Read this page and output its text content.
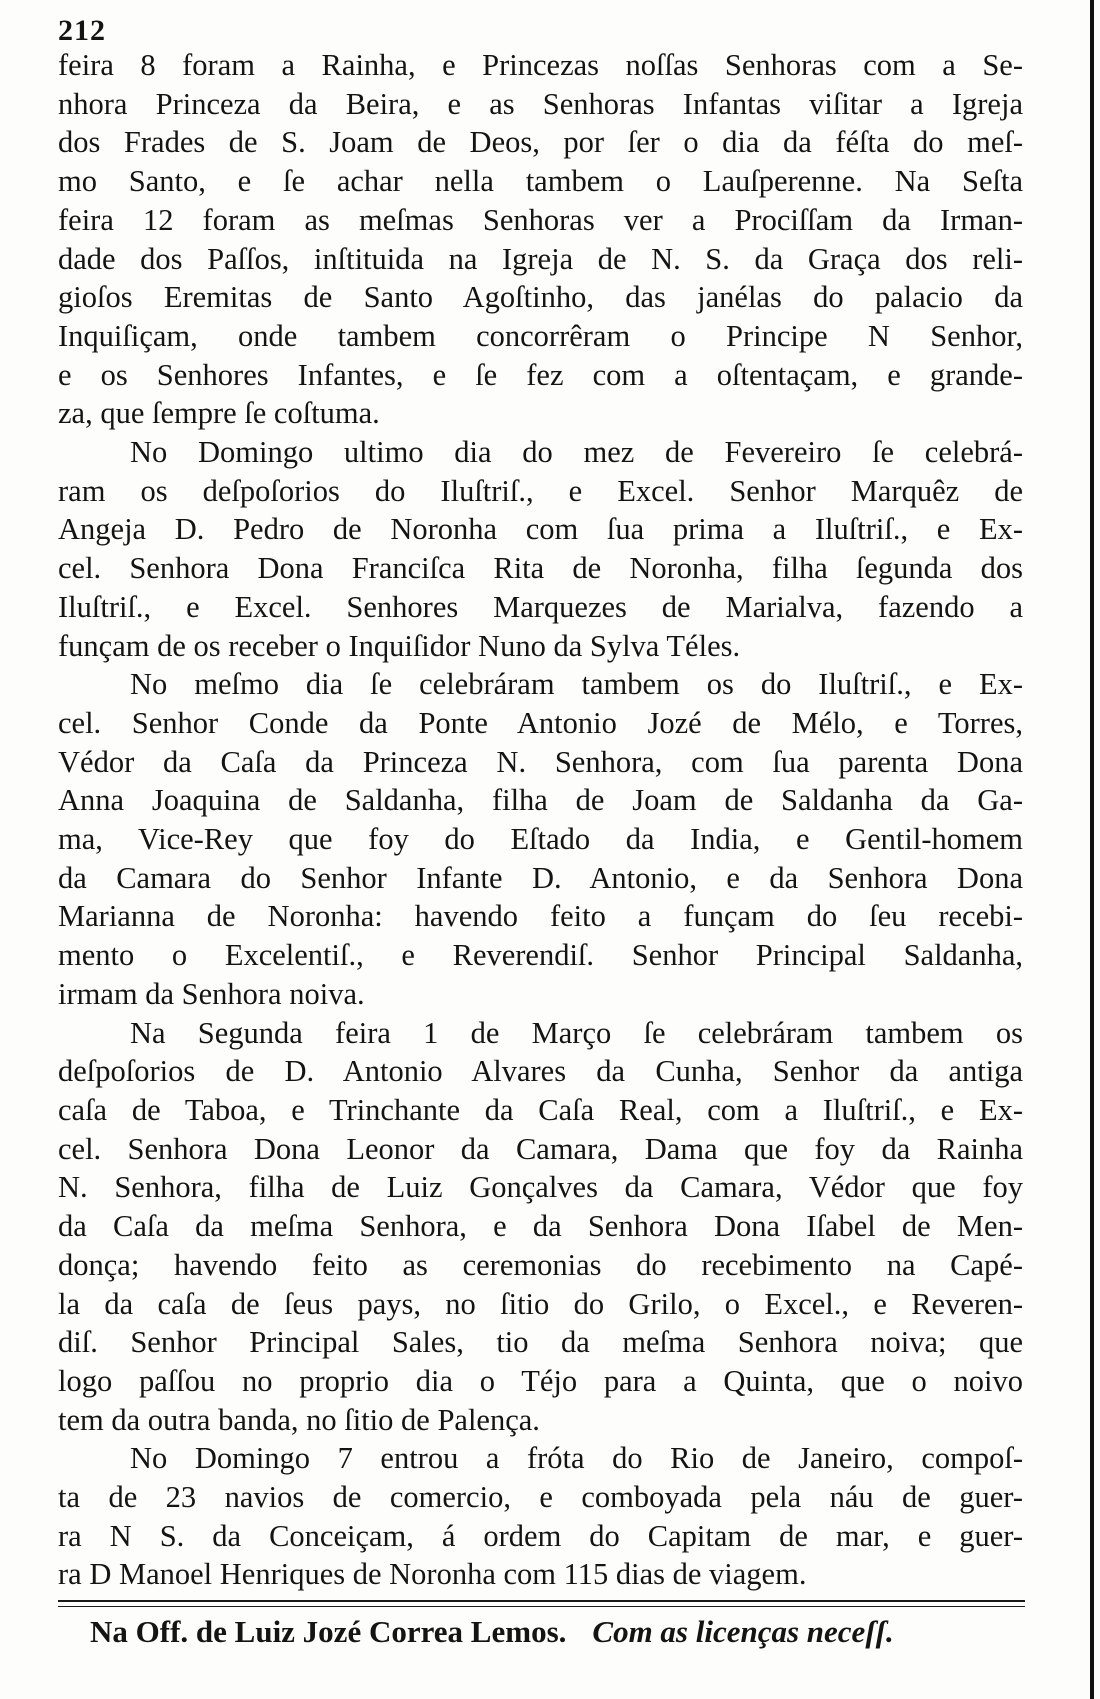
212
feira 8 foram a Rainha, e Princezas noſſas Senhoras com a Se-
nhora Princeza da Beira, e as Senhoras Infantas viſitar a Igreja
dos Frades de S. Joam de Deos, por ſer o dia da féſta do meſ-
mo Santo, e ſe achar nella tambem o Lauſperenne. Na Seſta
feira 12 foram as meſmas Senhoras ver a Prociſſam da Irman-
dade dos Paſſos, inſtituida na Igreja de N. S. da Graça dos reli-
gioſos Eremitas de Santo Agoſtinho, das janélas do palacio da
Inquiſiçam, onde tambem concorrêram o Principe N Senhor,
e os Senhores Infantes, e ſe fez com a oſtentaçam, e grande-
za, que ſempre ſe coſtuma.
No Domingo ultimo dia do mez de Fevereiro ſe celebrá-
ram os deſpoſorios do Iluſtriſ., e Excel. Senhor Marquêz de
Angeja D. Pedro de Noronha com ſua prima a Iluſtriſ., e Ex-
cel. Senhora Dona Franciſca Rita de Noronha, filha ſegunda dos
Iluſtriſ., e Excel. Senhores Marquezes de Marialva, fazendo a
funçam de os receber o Inquiſidor Nuno da Sylva Téles.
No meſmo dia ſe celebráram tambem os do Iluſtriſ., e Ex-
cel. Senhor Conde da Ponte Antonio Jozé de Mélo, e Torres,
Védor da Caſa da Princeza N. Senhora, com ſua parenta Dona
Anna Joaquina de Saldanha, filha de Joam de Saldanha da Ga-
ma, Vice-Rey que foy do Eſtado da India, e Gentil-homem
da Camara do Senhor Infante D. Antonio, e da Senhora Dona
Marianna de Noronha: havendo feito a funçam do ſeu recebi-
mento o Excelentiſ., e Reverendiſ. Senhor Principal Saldanha,
irmam da Senhora noiva.
Na Segunda feira 1 de Março ſe celebráram tambem os
deſpoſorios de D. Antonio Alvares da Cunha, Senhor da antiga
caſa de Taboa, e Trinchante da Caſa Real, com a Iluſtriſ., e Ex-
cel. Senhora Dona Leonor da Camara, Dama que foy da Rainha
N. Senhora, filha de Luiz Gonçalves da Camara, Védor que foy
da Caſa da meſma Senhora, e da Senhora Dona Iſabel de Men-
donça; havendo feito as ceremonias do recebimento na Capé-
la da caſa de ſeus pays, no ſitio do Grilo, o Excel., e Reveren-
diſ. Senhor Principal Sales, tio da meſma Senhora noiva; que
logo paſſou no proprio dia o Téjo para a Quinta, que o noivo
tem da outra banda, no ſitio de Palença.
No Domingo 7 entrou a fróta do Rio de Janeiro, compoſ-
ta de 23 navios de comercio, e comboyada pela náu de guer-
ra N S. da Conceiçam, á ordem do Capitam de mar, e guer-
ra D Manoel Henriques de Noronha com 115 dias de viagem.
Na Off. de Luiz Jozé Correa Lemos. Com as licenças neceſſ.
